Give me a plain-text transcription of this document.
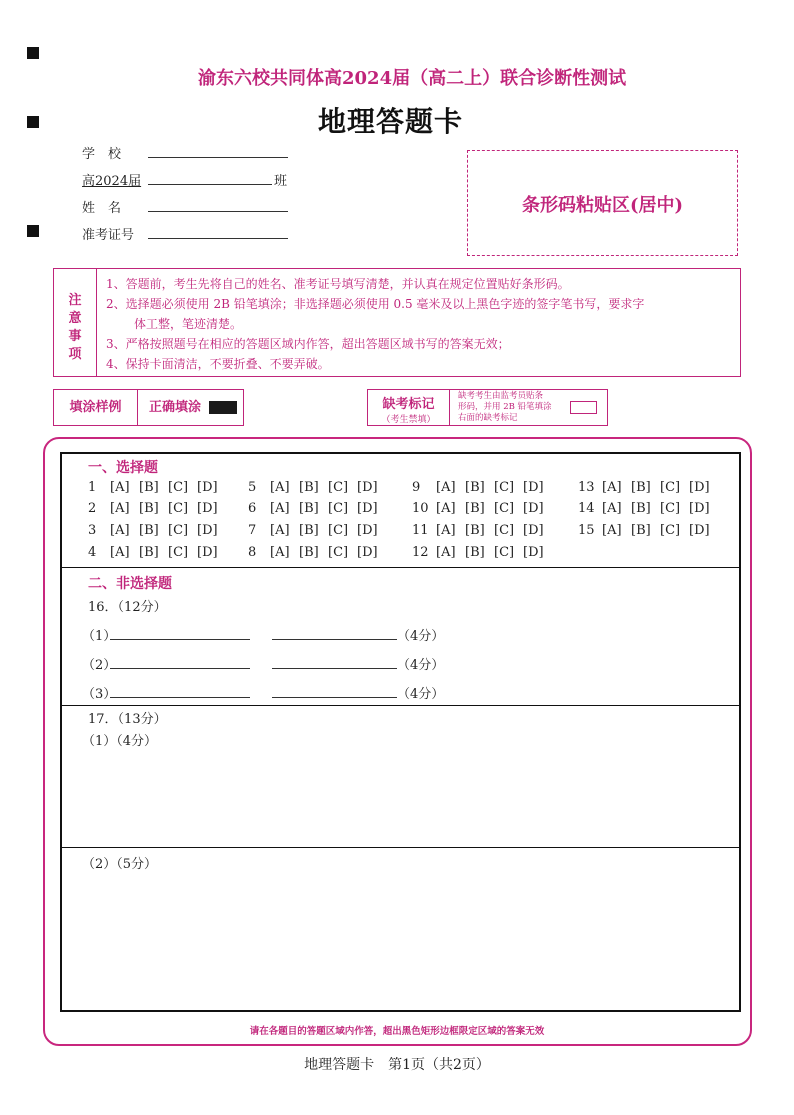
渝东六校共同体高2024届（高二上）联合诊断性测试
地理答题卡
学　校
高2024届	班
姓　名
准考证号
条形码粘贴区(居中)
注
意
事
项
1、答题前，考生先将自己的姓名、准考证号填写清楚，并认真在规定位置贴好条形码。
2、选择题必须使用 2B 铅笔填涂；非选择题必须使用 0.5 毫米及以上黑色字迹的签字笔书写，要求字
体工整，笔迹清楚。
3、严格按照题号在相应的答题区域内作答，超出答题区域书写的答案无效；
4、保持卡面清洁，不要折叠、不要弄破。
填涂样例	正确填涂	缺考标记
（考生禁填）
缺考考生由监考员贴条
形码，并用 2B 铅笔填涂
右面的缺考标记
一、选择题
1 [A] [B] [C] [D]
2 [A] [B] [C] [D]
3 [A] [B] [C] [D]
4 [A] [B] [C] [D]
5 [A] [B] [C] [D]
6 [A] [B] [C] [D]
7 [A] [B] [C] [D]
8 [A] [B] [C] [D]
9 [A] [B] [C] [D]
10 [A] [B] [C] [D]
11 [A] [B] [C] [D]
12 [A] [B] [C] [D]
13 [A] [B] [C] [D]
14 [A] [B] [C] [D]
15 [A] [B] [C] [D]
二、非选择题
16．（12分）
（1）	（4分）
（2）	（4分）
（3）	（4分）
17．（13分）
（1）（4分）
（2）（5分）
请在各题目的答题区域内作答，超出黑色矩形边框限定区域的答案无效
地理答题卡　第1页（共2页）
